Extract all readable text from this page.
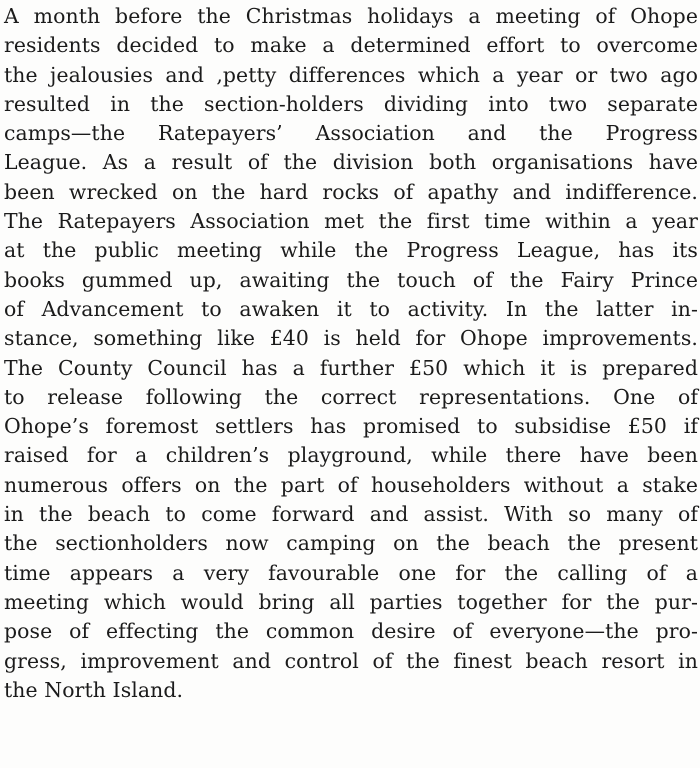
A month before the Christmas holidays a meeting of Ohope
residents decided to make a determined effort to overcome
the jealousies and ,petty differences which a year or two ago
resulted in the section-holders dividing into two separate
camps—the Ratepayers’ Association and the Progress
League. As a result of the division both organisations have
been wrecked on the hard rocks of apathy and indifference.
The Ratepayers Association met the first time within a year
at the public meeting while the Progress League, has its
books gummed up, awaiting the touch of the Fairy Prince
of Advancement to awaken it to activity. In the latter in-
stance, something like £40 is held for Ohope improvements.
The County Council has a further £50 which it is prepared
to release following the correct representations. One of
Ohope’s foremost settlers has promised to subsidise £50 if
raised for a children’s playground, while there have been
numerous offers on the part of householders without a stake
in the beach to come forward and assist. With so many of
the sectionholders now camping on the beach the present
time appears a very favourable one for the calling of a
meeting which would bring all parties together for the pur-
pose of effecting the common desire of everyone—the pro-
gress, improvement and control of the finest beach resort in
the North Island.
